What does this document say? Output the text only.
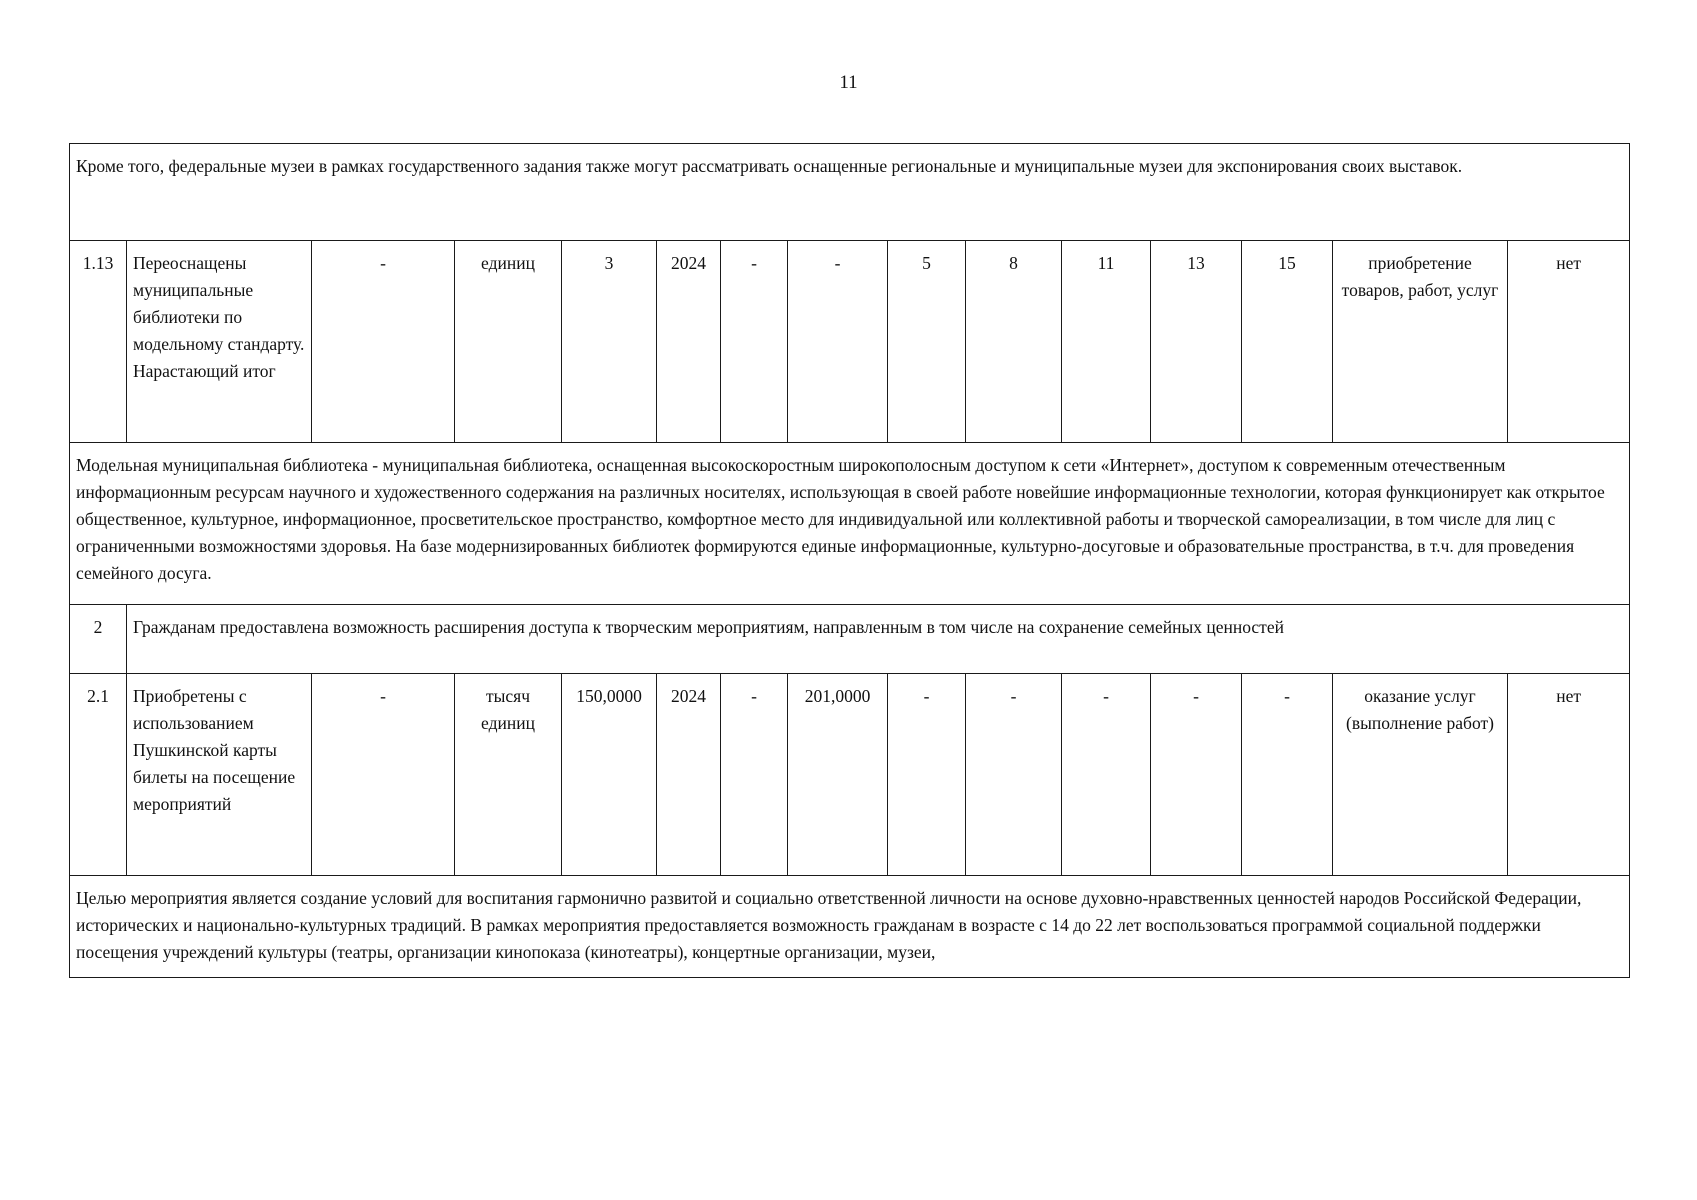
11
Кроме того, федеральные музеи в рамках государственного задания также могут рассматривать оснащенные региональные и муниципальные музеи для экспонирования своих выставок.														
1.13	Переоснащены муниципальные библиотеки по модельному стандарту. Нарастающий итог	-	единиц	3	2024	-	-	5	8	11	13	15	приобретение товаров, работ, услуг	нет
Модельная муниципальная библиотека - муниципальная библиотека, оснащенная высокоскоростным широкополосным доступом к сети «Интернет», доступом к современным отечественным информационным ресурсам научного и художественного содержания на различных носителях, использующая в своей работе новейшие информационные технологии, которая функционирует как открытое общественное, культурное, информационное, просветительское пространство, комфортное место для индивидуальной или коллективной работы и творческой самореализации, в том числе для лиц с ограниченными возможностями здоровья. На базе модернизированных библиотек формируются единые информационные, культурно-досуговые и образовательные пространства, в т.ч. для проведения семейного досуга.														
2	Гражданам предоставлена возможность расширения доступа к творческим мероприятиям, направленным в том числе на сохранение семейных ценностей													
2.1	Приобретены с использованием Пушкинской карты билеты на посещение мероприятий	-	тысяч единиц	150,0000	2024	-	201,0000	-	-	-	-	-	оказание услуг (выполнение работ)	нет
Целью мероприятия является создание условий для воспитания гармонично развитой и социально ответственной личности на основе духовно-нравственных ценностей народов Российской Федерации, исторических и национально-культурных традиций. В рамках мероприятия предоставляется возможность гражданам в возрасте с 14 до 22 лет воспользоваться программой социальной поддержки посещения учреждений культуры (театры, организации кинопоказа (кинотеатры), концертные организации, музеи,														
